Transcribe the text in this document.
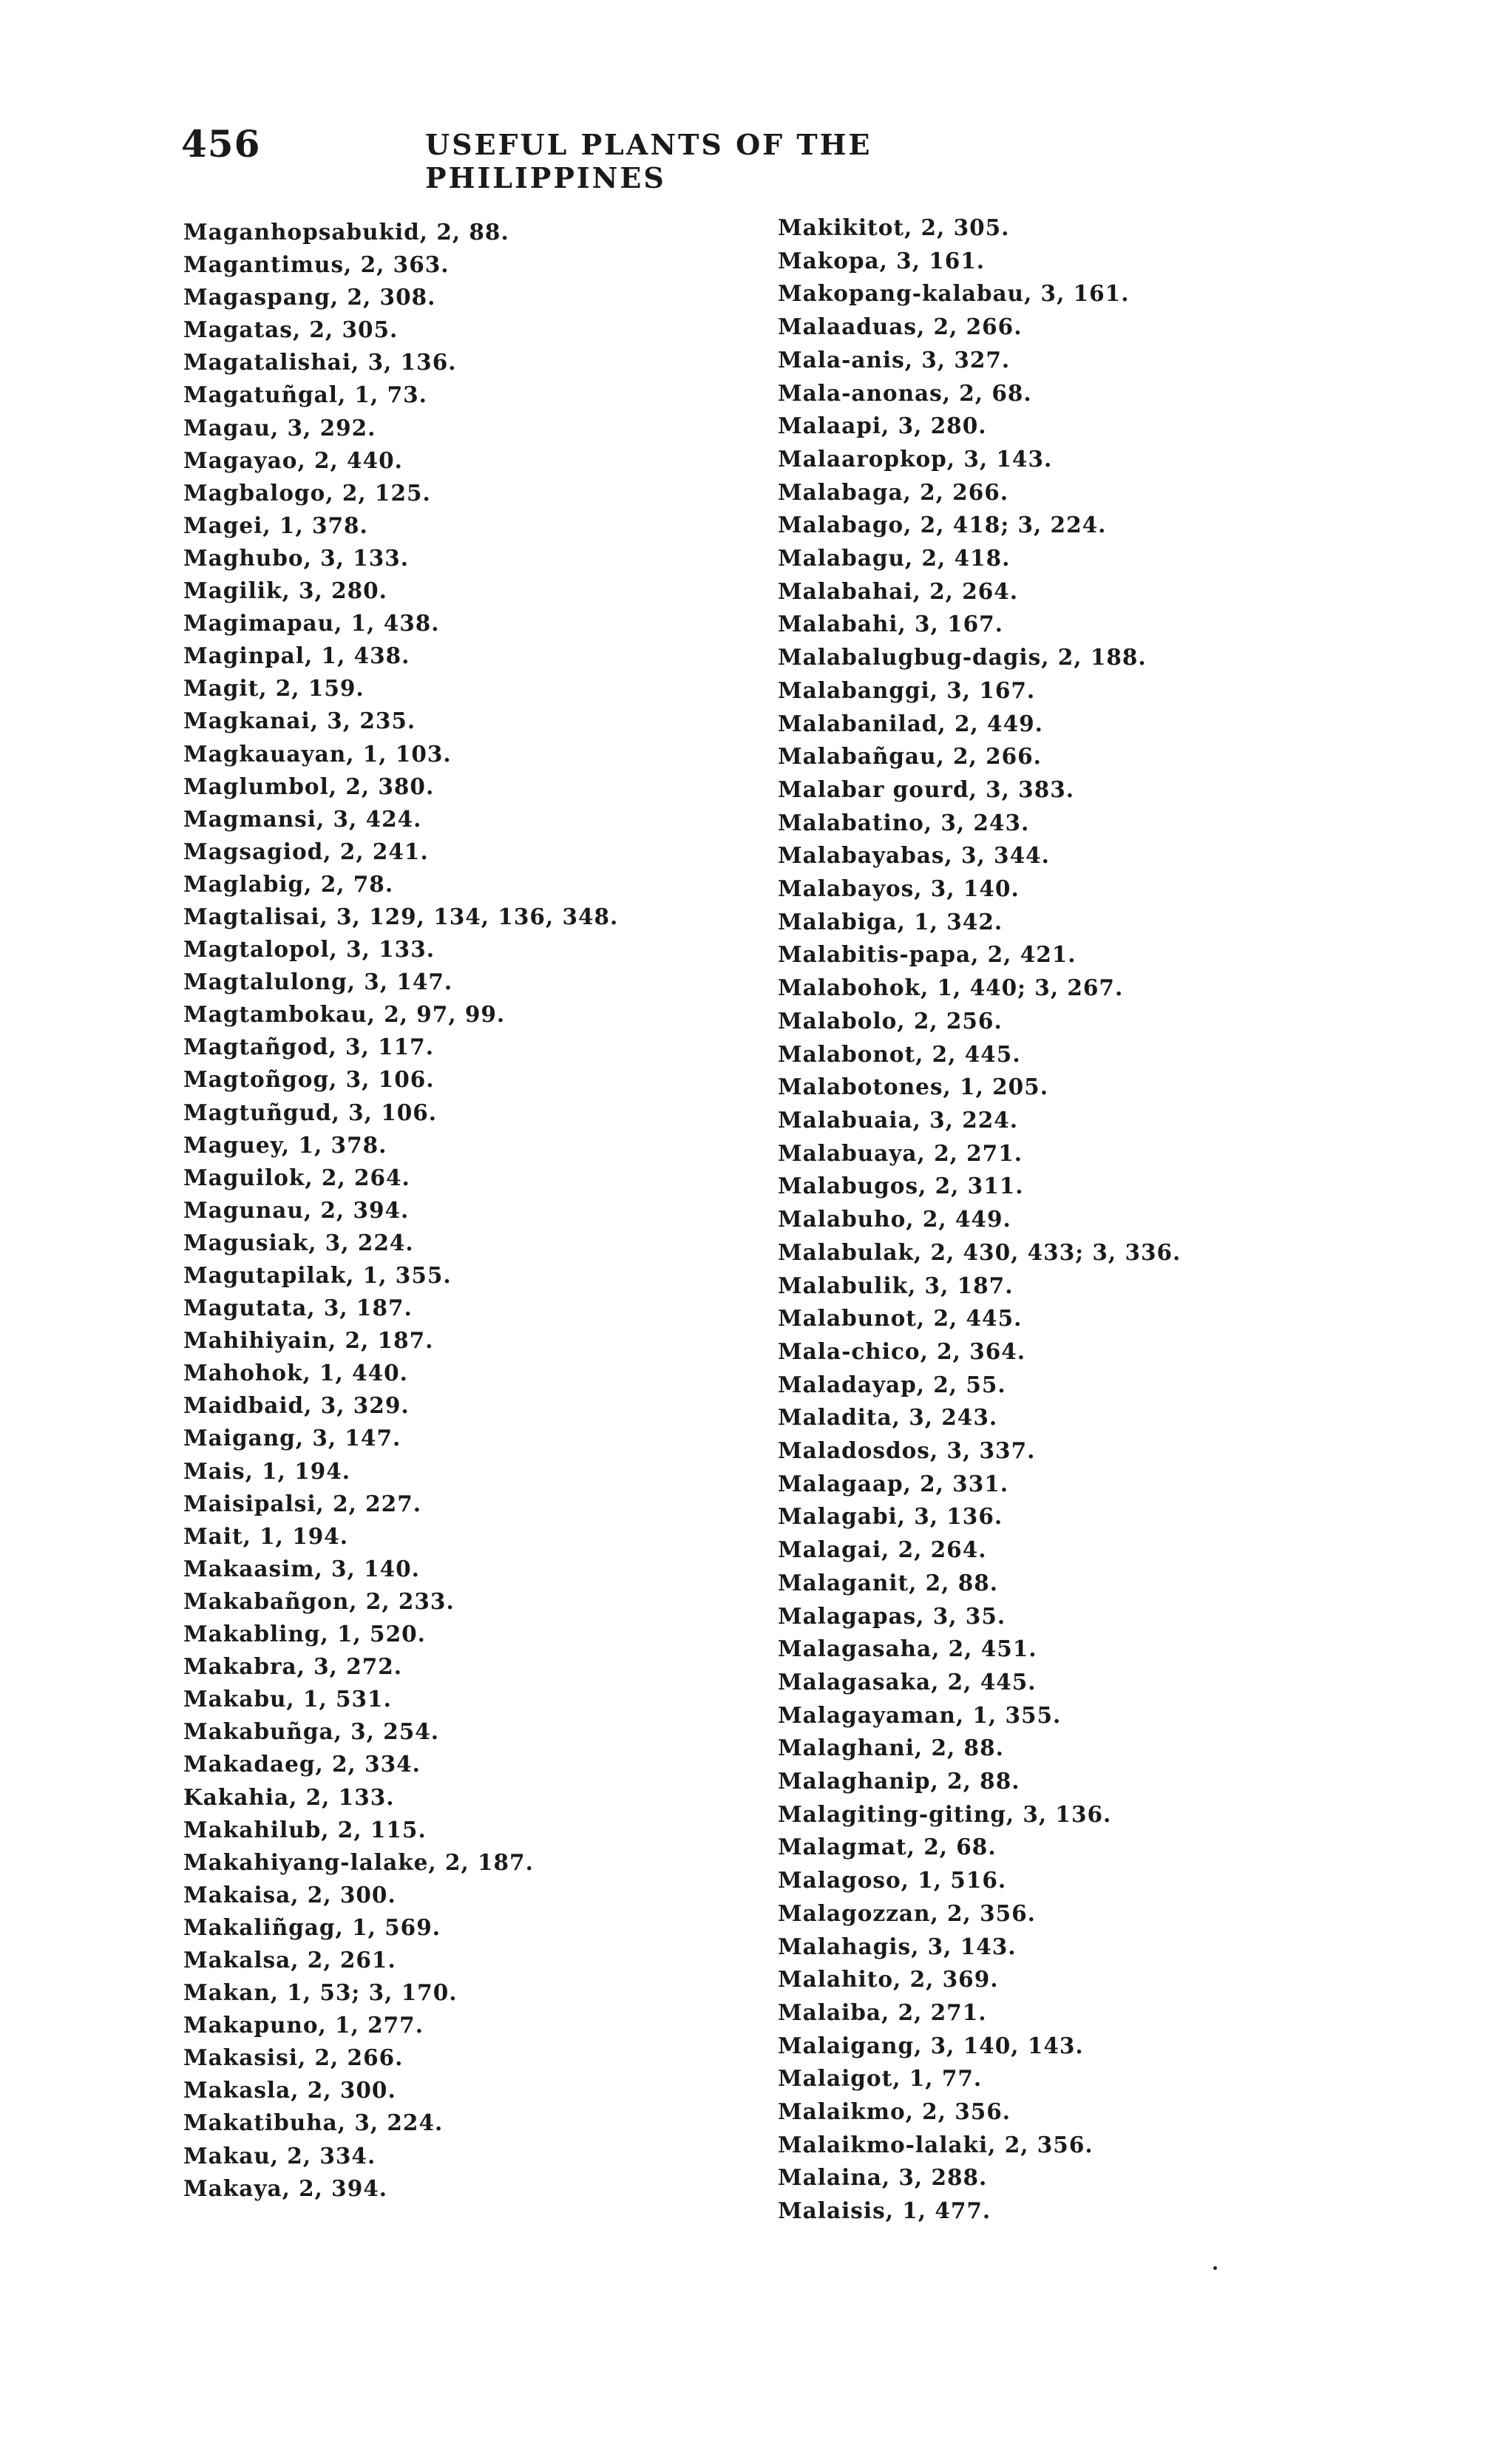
456	USEFUL PLANTS OF THE PHILIPPINES
Maganhopsabukid, 2, 88.
Magantimus, 2, 363.
Magaspang, 2, 308.
Magatas, 2, 305.
Magatalishai, 3, 136.
Magatuñgal, 1, 73.
Magau, 3, 292.
Magayao, 2, 440.
Magbalogo, 2, 125.
Magei, 1, 378.
Maghubo, 3, 133.
Magilik, 3, 280.
Magimapau, 1, 438.
Maginpal, 1, 438.
Magit, 2, 159.
Magkanai, 3, 235.
Magkauayan, 1, 103.
Maglumbol, 2, 380.
Magmansi, 3, 424.
Magsagiod, 2, 241.
Maglabig, 2, 78.
Magtalisai, 3, 129, 134, 136, 348.
Magtalopol, 3, 133.
Magtalulong, 3, 147.
Magtambokau, 2, 97, 99.
Magtañgod, 3, 117.
Magtoñgog, 3, 106.
Magtuñgud, 3, 106.
Maguey, 1, 378.
Maguilok, 2, 264.
Magunau, 2, 394.
Magusiak, 3, 224.
Magutapilak, 1, 355.
Magutata, 3, 187.
Mahihiyain, 2, 187.
Mahohok, 1, 440.
Maidbaid, 3, 329.
Maigang, 3, 147.
Mais, 1, 194.
Maisipalsi, 2, 227.
Mait, 1, 194.
Makaasim, 3, 140.
Makabañgon, 2, 233.
Makabling, 1, 520.
Makabra, 3, 272.
Makabu, 1, 531.
Makabuñga, 3, 254.
Makadaeg, 2, 334.
Kakahia, 2, 133.
Makahilub, 2, 115.
Makahiyang-lalake, 2, 187.
Makaisa, 2, 300.
Makaliñgag, 1, 569.
Makalsa, 2, 261.
Makan, 1, 53; 3, 170.
Makapuno, 1, 277.
Makasisi, 2, 266.
Makasla, 2, 300.
Makatibuha, 3, 224.
Makau, 2, 334.
Makaya, 2, 394.
Makikitot, 2, 305.
Makopa, 3, 161.
Makopang-kalabau, 3, 161.
Malaaduas, 2, 266.
Mala-anis, 3, 327.
Mala-anonas, 2, 68.
Malaapi, 3, 280.
Malaaropkop, 3, 143.
Malabaga, 2, 266.
Malabago, 2, 418; 3, 224.
Malabagu, 2, 418.
Malabahai, 2, 264.
Malabahi, 3, 167.
Malabalugbug-dagis, 2, 188.
Malabanggi, 3, 167.
Malabanilad, 2, 449.
Malabañgau, 2, 266.
Malabar gourd, 3, 383.
Malabatino, 3, 243.
Malabayabas, 3, 344.
Malabayos, 3, 140.
Malabiga, 1, 342.
Malabitis-papa, 2, 421.
Malabohok, 1, 440; 3, 267.
Malabolo, 2, 256.
Malabonot, 2, 445.
Malabotones, 1, 205.
Malabuaia, 3, 224.
Malabuaya, 2, 271.
Malabugos, 2, 311.
Malabuho, 2, 449.
Malabulak, 2, 430, 433; 3, 336.
Malabulik, 3, 187.
Malabunot, 2, 445.
Mala-chico, 2, 364.
Maladayap, 2, 55.
Maladita, 3, 243.
Maladosdos, 3, 337.
Malagaap, 2, 331.
Malagabi, 3, 136.
Malagai, 2, 264.
Malaganit, 2, 88.
Malagapas, 3, 35.
Malagasaha, 2, 451.
Malagasaka, 2, 445.
Malagayaman, 1, 355.
Malaghani, 2, 88.
Malaghanip, 2, 88.
Malagiting-giting, 3, 136.
Malagmat, 2, 68.
Malagoso, 1, 516.
Malagozzan, 2, 356.
Malahagis, 3, 143.
Malahito, 2, 369.
Malaiba, 2, 271.
Malaigang, 3, 140, 143.
Malaigot, 1, 77.
Malaikmo, 2, 356.
Malaikmo-lalaki, 2, 356.
Malaina, 3, 288.
Malaisis, 1, 477.
